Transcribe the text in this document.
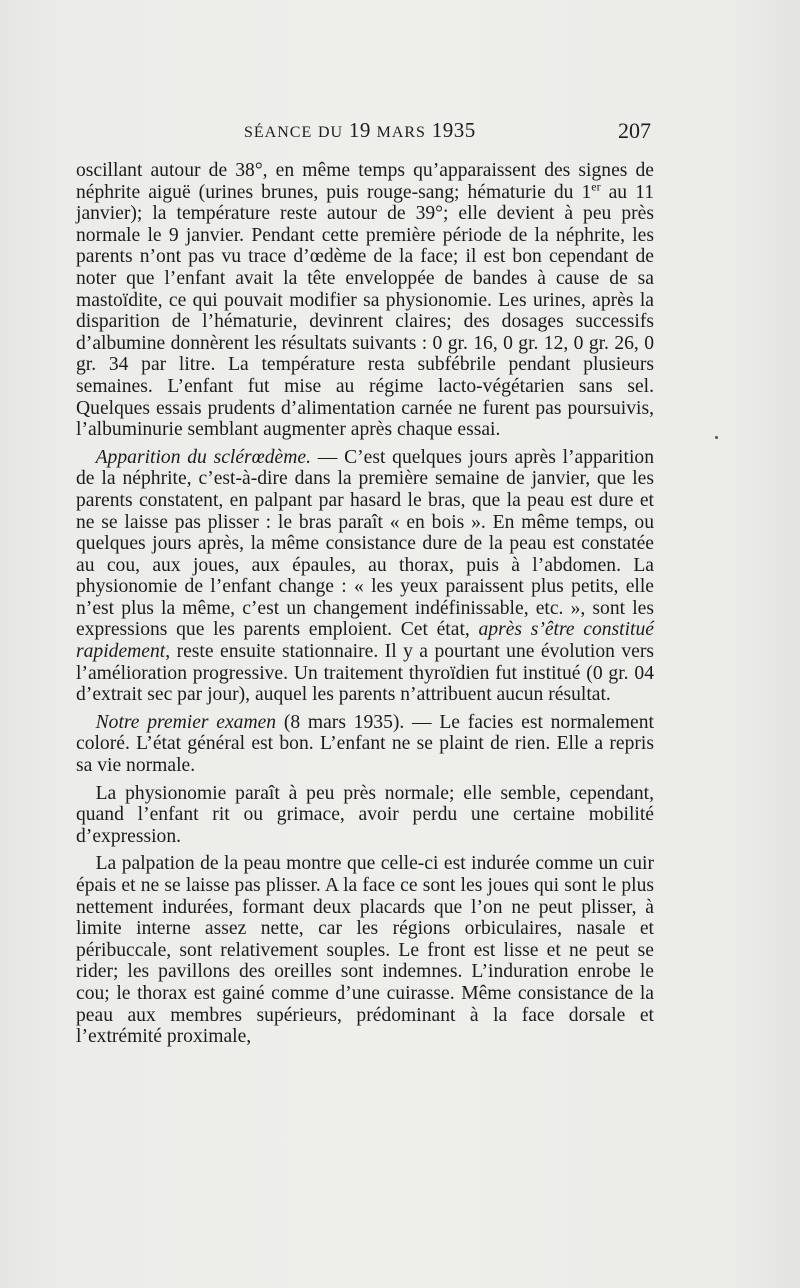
SÉANCE DU 19 MARS 1935	207

oscillant autour de 38°, en même temps qu’apparaissent des signes de néphrite aiguë (urines brunes, puis rouge-sang; hématurie du 1er au 11 janvier); la température reste autour de 39°; elle devient à peu près normale le 9 janvier. Pendant cette première période de la néphrite, les parents n’ont pas vu trace d’œdème de la face; il est bon cependant de noter que l’enfant avait la tête enveloppée de bandes à cause de sa mastoïdite, ce qui pouvait modifier sa physionomie. Les urines, après la disparition de l’hématurie, devinrent claires; des dosages successifs d’albumine donnèrent les résultats suivants : 0 gr. 16, 0 gr. 12, 0 gr. 26, 0 gr. 34 par litre. La température resta subfébrile pendant plusieurs semaines. L’enfant fut mise au régime lacto-végétarien sans sel. Quelques essais prudents d’alimentation carnée ne furent pas poursuivis, l’albuminurie semblant augmenter après chaque essai.

Apparition du sclérœdème. — C’est quelques jours après l’apparition de la néphrite, c’est-à-dire dans la première semaine de janvier, que les parents constatent, en palpant par hasard le bras, que la peau est dure et ne se laisse pas plisser : le bras paraît « en bois ». En même temps, ou quelques jours après, la même consistance dure de la peau est constatée au cou, aux joues, aux épaules, au thorax, puis à l’abdomen. La physionomie de l’enfant change : « les yeux paraissent plus petits, elle n’est plus la même, c’est un changement indéfinissable, etc. », sont les expressions que les parents emploient. Cet état, après s’être constitué rapidement, reste ensuite stationnaire. Il y a pourtant une évolution vers l’amélioration progressive. Un traitement thyroïdien fut institué (0 gr. 04 d’extrait sec par jour), auquel les parents n’attribuent aucun résultat.

Notre premier examen (8 mars 1935). — Le facies est normalement coloré. L’état général est bon. L’enfant ne se plaint de rien. Elle a repris sa vie normale.

La physionomie paraît à peu près normale; elle semble, cependant, quand l’enfant rit ou grimace, avoir perdu une certaine mobilité d’expression.

La palpation de la peau montre que celle-ci est indurée comme un cuir épais et ne se laisse pas plisser. A la face ce sont les joues qui sont le plus nettement indurées, formant deux placards que l’on ne peut plisser, à limite interne assez nette, car les régions orbiculaires, nasale et péribuccale, sont relativement souples. Le front est lisse et ne peut se rider; les pavillons des oreilles sont indemnes. L’induration enrobe le cou; le thorax est gainé comme d’une cuirasse. Même consistance de la peau aux membres supérieurs, prédominant à la face dorsale et l’extrémité proximale,
